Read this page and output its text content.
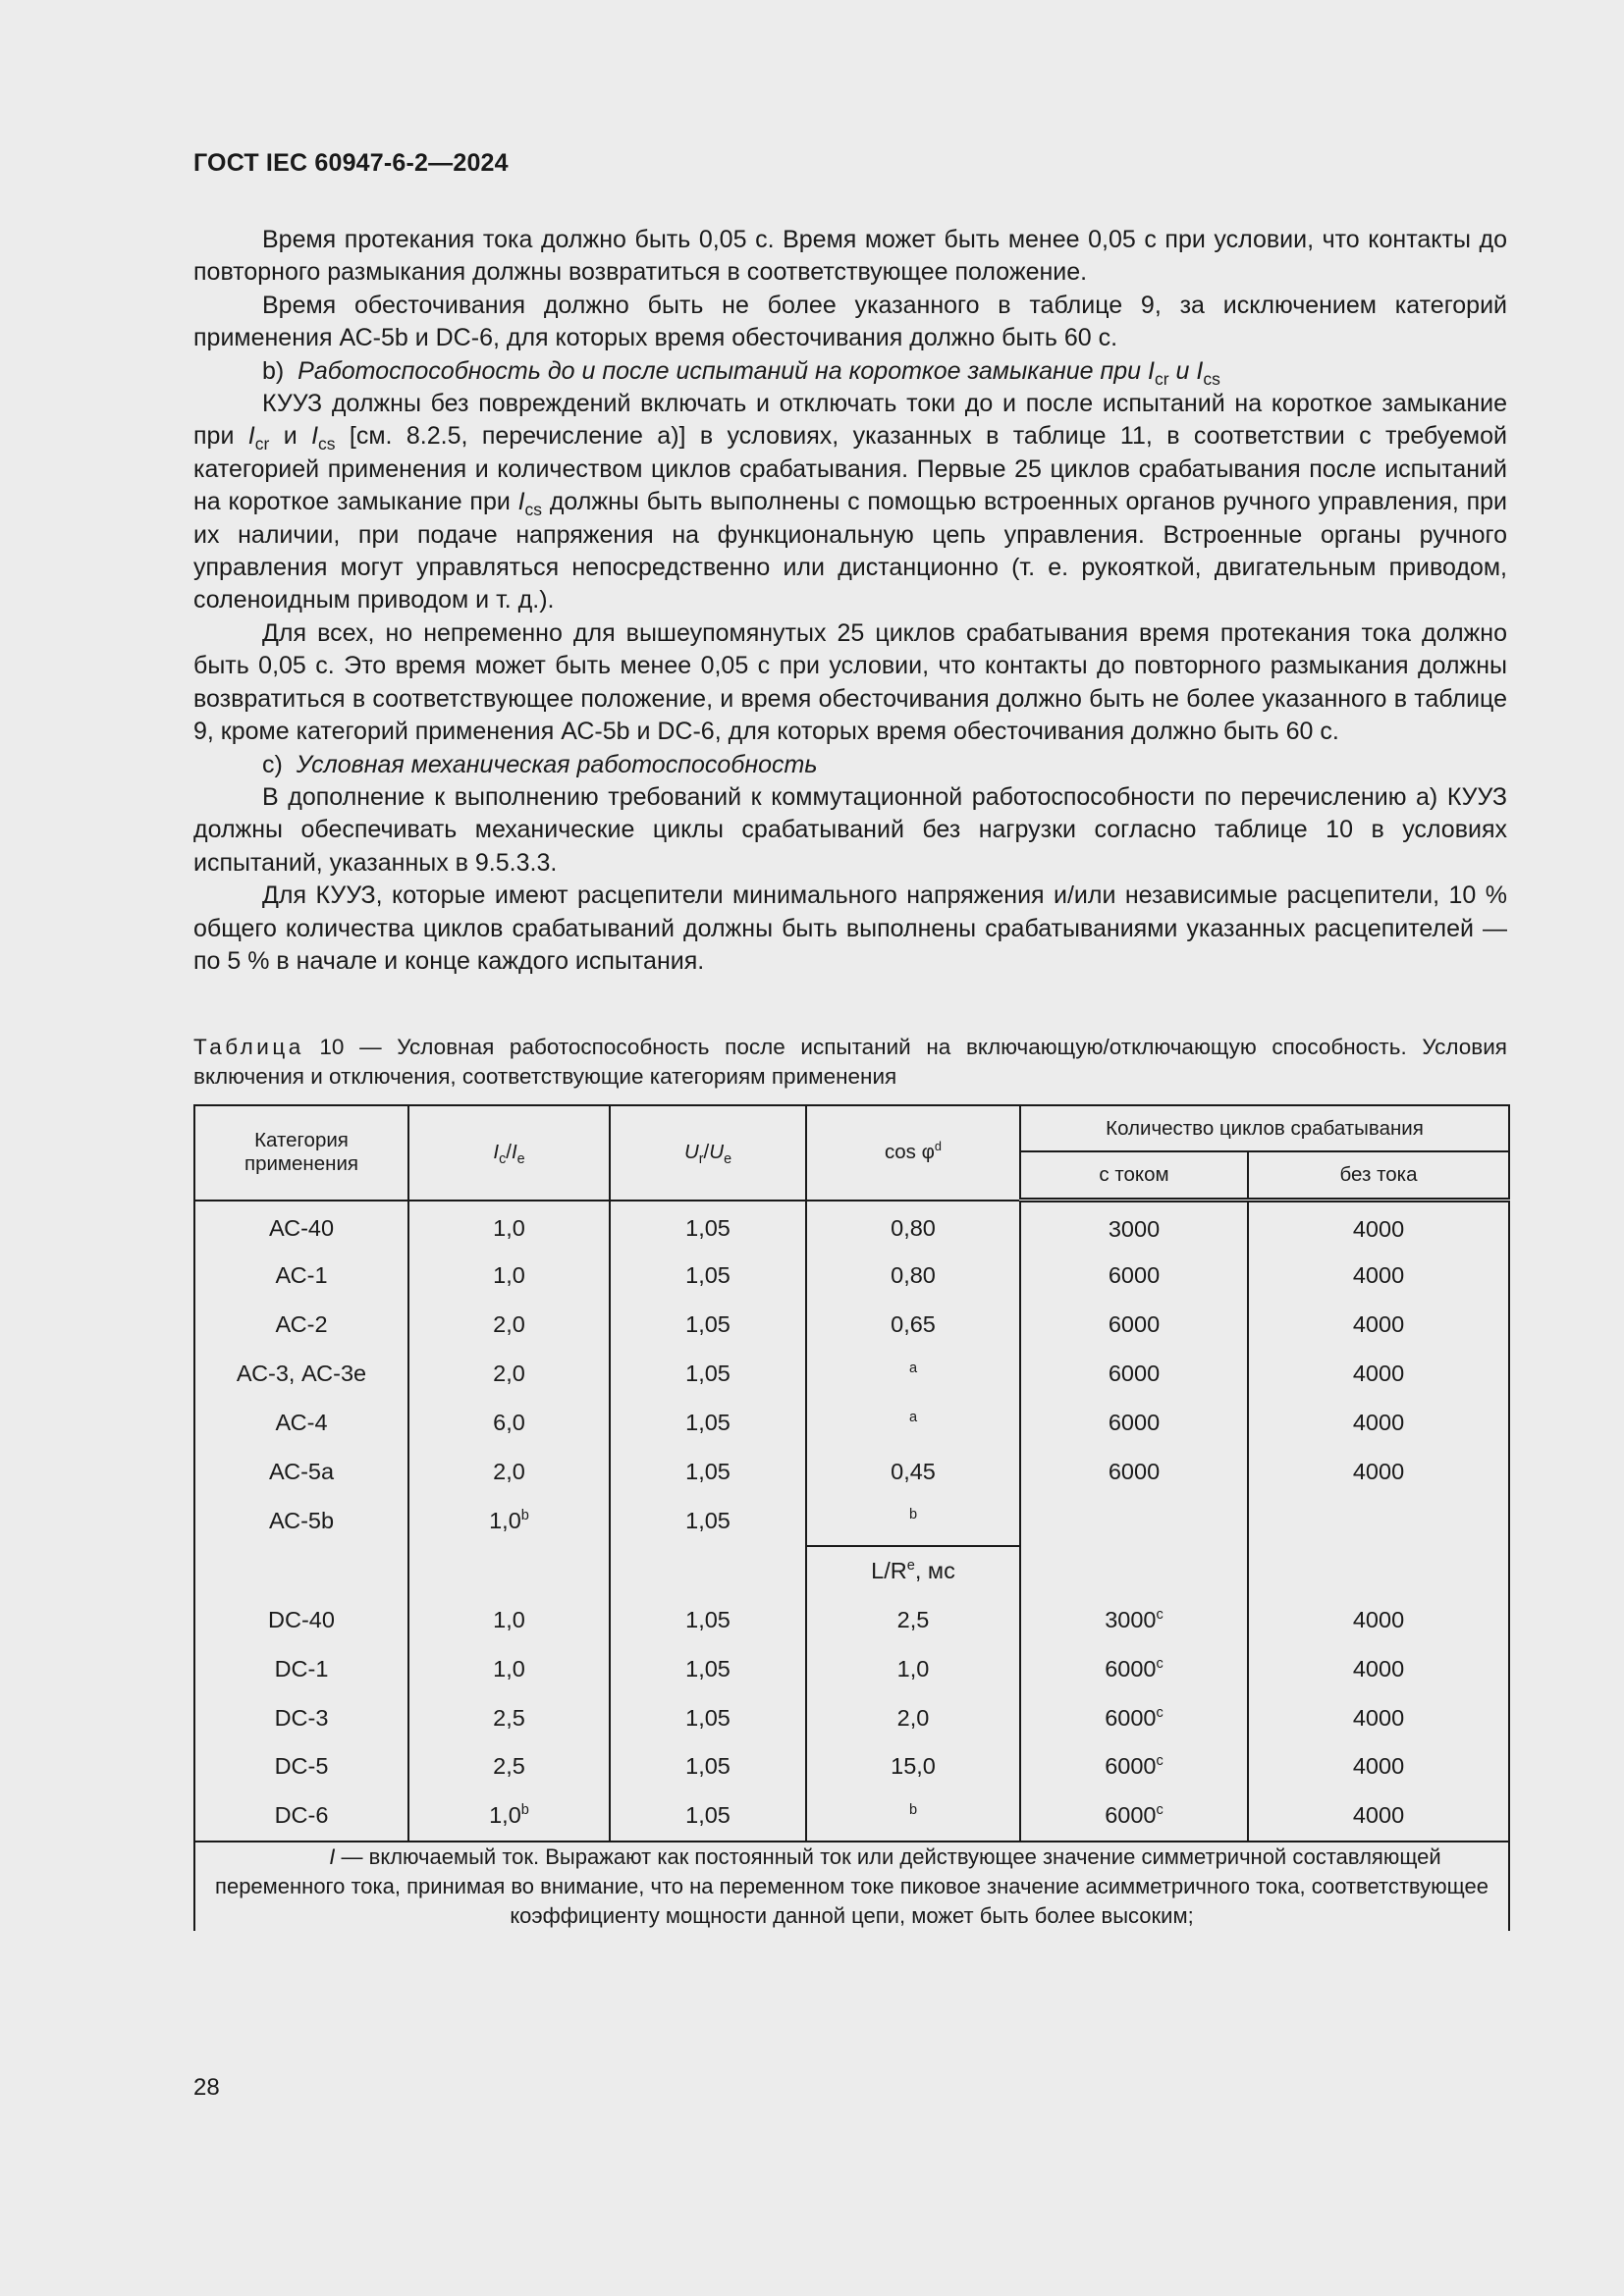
ГОСТ IEC 60947-6-2—2024

Время протекания тока должно быть 0,05 с. Время может быть менее 0,05 с при условии, что контакты до повторного размыкания должны возвратиться в соответствующее положение.

Время обесточивания должно быть не более указанного в таблице 9, за исключением категорий применения АС-5b и DC-6, для которых время обесточивания должно быть 60 с.

b) Работоспособность до и после испытаний на короткое замыкание при $I_{cr}$ и $I_{cs}$

КУУЗ должны без повреждений включать и отключать токи до и после испытаний на короткое замыкание при $I_{cr}$ и $I_{cs}$ [см. 8.2.5, перечисление а)] в условиях, указанных в таблице 11, в соответствии с требуемой категорией применения и количеством циклов срабатывания. Первые 25 циклов срабатывания после испытаний на короткое замыкание при $I_{cs}$ должны быть выполнены с помощью встроенных органов ручного управления, при их наличии, при подаче напряжения на функциональную цепь управления. Встроенные органы ручного управления могут управляться непосредственно или дистанционно (т. е. рукояткой, двигательным приводом, соленоидным приводом и т. д.).

Для всех, но непременно для вышеупомянутых 25 циклов срабатывания время протекания тока должно быть 0,05 с. Это время может быть менее 0,05 с при условии, что контакты до повторного размыкания должны возвратиться в соответствующее положение, и время обесточивания должно быть не более указанного в таблице 9, кроме категорий применения АС-5b и DC-6, для которых время обесточивания должно быть 60 с.

c) Условная механическая работоспособность

В дополнение к выполнению требований к коммутационной работоспособности по перечислению а) КУУЗ должны обеспечивать механические циклы срабатываний без нагрузки согласно таблице 10 в условиях испытаний, указанных в 9.5.3.3.

Для КУУЗ, которые имеют расцепители минимального напряжения и/или независимые расцепители, 10 % общего количества циклов срабатываний должны быть выполнены срабатываниями указанных расцепителей — по 5 % в начале и конце каждого испытания.

Таблица 10 — Условная работоспособность после испытаний на включающую/отключающую способность. Условия включения и отключения, соответствующие категориям применения
Категория применения	$I_c/I_e$	$U_r/U_e$	$\cos \varphi^d$	Количество циклов срабатывания	
				с током	без тока
АС-40	1,0	1,05	0,80	3000	4000
АС-1	1,0	1,05	0,80	6000	4000
АС-2	2,0	1,05	0,65	6000	4000
АС-3, АС-3е	2,0	1,05	$^a$	6000	4000
АС-4	6,0	1,05	$^a$	6000	4000
АС-5а	2,0	1,05	0,45	6000	4000
АС-5b	1,0$^b$	1,05	$^b$		
			$L/R^e$, мс		
DC-40	1,0	1,05	2,5	3000$^c$	4000
DC-1	1,0	1,05	1,0	6000$^c$	4000
DC-3	2,5	1,05	2,0	6000$^c$	4000
DC-5	2,5	1,05	15,0	6000$^c$	4000
DC-6	1,0$^b$	1,05	$^b$	6000$^c$	4000

I — включаемый ток. Выражают как постоянный ток или действующее значение симметричной составляющей переменного тока, принимая во внимание, что на переменном токе пиковое значение асимметричного тока, соответствующее коэффициенту мощности данной цепи, может быть более высоким;					

28
